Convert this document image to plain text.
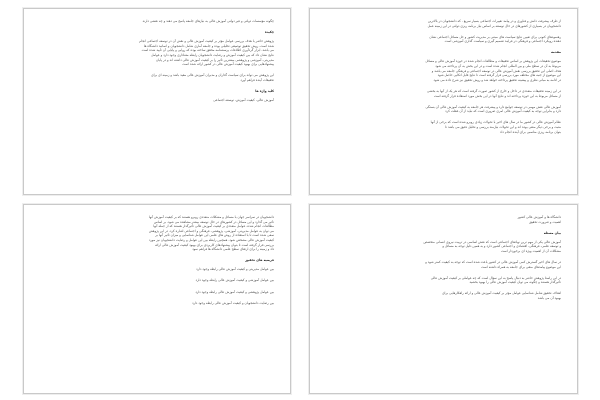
از طرف پیشرفت دانش و فناوری و در پیامد تغییرات اجتماعی بسیار سریع . که دانشجویان در بالاترین
دانشجویان در بسیاری از کشورهای در حال توسعه بر اساس نیاز برنامه ریزی دولتی در این زمینه عمل
رهنمودهای کنونی برای تعیین نتایج سیاست های مبتنی بر مدیریت کشور و حل مسائل اجتماعی نشان
دهنده رویکرد اجتماعی و فرهنگی در فرایند تصمیم گیری و سیاست گذاری آموزشی است
مقدمه
موضوع تحقیقات این پژوهش بر اساس تحقیقات و مطالعات انجام شده در حوزه آموزش عالی و مسائل
مربوط به آن در سطح ملی و بین المللی انجام شده است و در این بخش به آن پرداخته می شود
هدف اصلی این تحقیق بررسی نقش آموزش عالی در توسعه اجتماعی و فرهنگی جامعه می باشد و
این موضوع از جنبه های مختلف مورد بررسی قرار گرفته است تا نتایج قابل اتکایی حاصل شود
در ادامه به مبانی نظری و پیشینه تحقیق پرداخته خواهد شد و روش تحقیق نیز شرح داده می شود
در این زمینه تحقیقات متعددی در داخل و خارج از کشور صورت گرفته است که هر یک از آنها به بخشی
از مسائل مربوط به این حوزه پرداخته اند و نتایج آنها در این بخش مورد استفاده قرار گرفته است
آموزش عالی نقش مهمی در توسعه جوامع دارد و پیشرفت هر جامعه به کیفیت آموزش عالی آن بستگی
دارد و بنابراین توجه به کیفیت آموزش عالی امری ضروری است که نباید از آن غفلت کرد
نظام آموزش عالی در کشور ما در سال های اخیر با تحولات زیادی روبرو شده است که برخی از آنها
مثبت و برخی دیگر منفی بوده اند و این تحولات نیازمند بررسی و تحلیل دقیق می باشد تا
بتوان برنامه ریزی مناسبی برای آینده انجام داد
چگونه مؤسسات دولتی و غیر دولتی آموزش عالی به نیازهای جامعه پاسخ می دهند و چه نقشی دارند
چکیده
پژوهش حاضر با هدف بررسی عوامل مؤثر بر کیفیت آموزش عالی و نقش آن در توسعه اجتماعی انجام
شده است. روش تحقیق توصیفی تحلیلی بوده و جامعه آماری شامل دانشجویان و اساتید دانشگاه ها
می باشد. ابزار گردآوری اطلاعات پرسشنامه محقق ساخته بوده که روایی و پایایی آن تأیید شده است
نتایج نشان داد که بین کیفیت آموزش و رضایت دانشجویان رابطه معناداری وجود دارد و عوامل
مدیریتی، آموزشی و پژوهشی بیشترین تأثیر را بر کیفیت آموزش عالی داشته اند و در پایان
پیشنهادهایی برای بهبود کیفیت آموزش عالی در کشور ارائه شده است
این پژوهش می تواند برای سیاست گذاران و مدیران آموزش عالی مفید باشد و زمینه ای برای
تحقیقات آینده فراهم آورد
کلید واژه ها
آموزش عالی، کیفیت آموزش، توسعه اجتماعی
دانشگاه ها و آموزش عالی کشور
اهمیت و ضرورت تحقیق
بیان مسئله
آموزش عالی یکی از مهم ترین نهادهای اجتماعی است که نقش اساسی در تربیت نیروی انسانی متخصص
و توسعه علمی، فرهنگی، اقتصادی و اجتماعی کشور دارد و به همین دلیل توجه به مسائل و
مشکلات آن از اهمیت ویژه ای برخوردار است
در سال های اخیر گسترش کمی آموزش عالی در کشور باعث شده است که توجه به کیفیت کمتر شود و
این موضوع پیامدهای منفی برای جامعه به همراه داشته است
در این راستا پژوهش حاضر به دنبال پاسخ به این سؤال است که چه عواملی بر کیفیت آموزش عالی
تأثیرگذار هستند و چگونه می توان کیفیت آموزش عالی را بهبود بخشید
اهداف تحقیق شامل شناسایی عوامل مؤثر بر کیفیت آموزش عالی و ارائه راهکارهایی برای
بهبود آن می باشد
دانشجویان در سراسر جهان با مسائل و مشکلات متعددی روبرو هستند که بر کیفیت آموزش آنها
تأثیر می گذارد و این مسائل در کشورهای در حال توسعه بیشتر مشاهده می شود. بر اساس
مطالعات انجام شده، عوامل متعددی بر کیفیت آموزش عالی تأثیرگذار هستند که از جمله آنها
می توان به عوامل مدیریتی، آموزشی، پژوهشی، فرهنگی و اجتماعی اشاره کرد. در این پژوهش
سعی شده است تا با استفاده از روش های علمی این عوامل شناسایی و میزان تأثیر آنها بر
کیفیت آموزش عالی مشخص شود. همچنین رابطه بین این عوامل و رضایت دانشجویان نیز مورد
بررسی قرار گرفته است تا بتوان پیشنهادهای کاربردی برای بهبود کیفیت آموزش عالی ارائه
داد و زمینه را برای ارتقای سطح علمی دانشگاه ها فراهم نمود
فرضیه های تحقیق
بین عوامل مدیریتی و کیفیت آموزش عالی رابطه وجود دارد
بین عوامل آموزشی و کیفیت آموزش عالی رابطه وجود دارد
بین عوامل پژوهشی و کیفیت آموزش عالی رابطه وجود دارد
بین رضایت دانشجویان و کیفیت آموزش عالی رابطه وجود دارد
